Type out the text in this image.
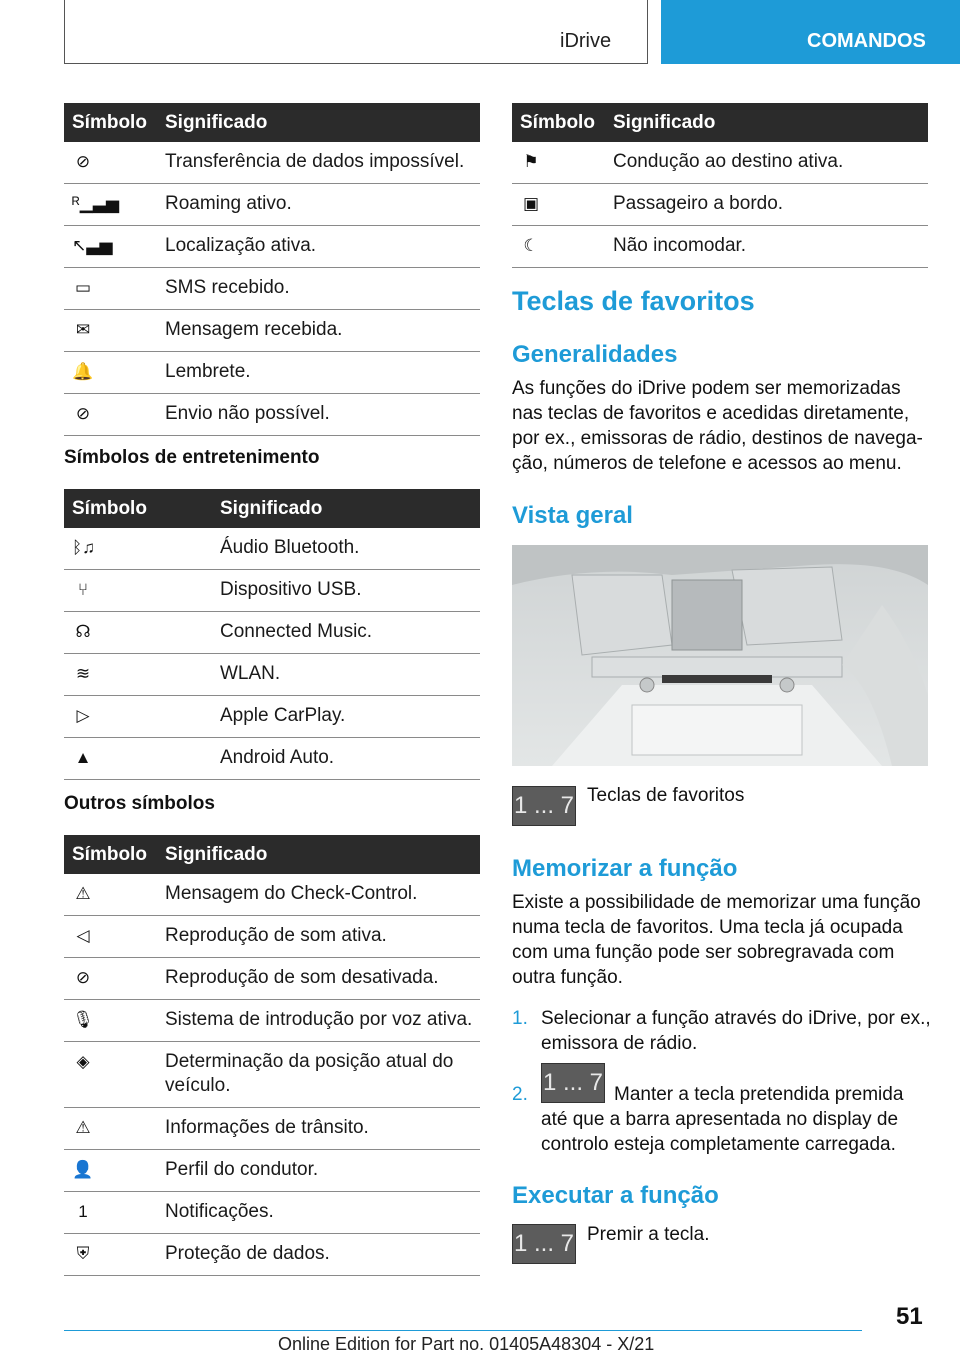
iDrive	COMANDOS
Símbolo	Significado
⊘	Transferência de dados impossível.
ᴿ▁▃▅	Roaming ativo.
↖▃▅	Localização ativa.
▭	SMS recebido.
✉	Mensagem recebida.
🔔	Lembrete.
⊘	Envio não possível.
Símbolos de entretenimento
Símbolo	Significado
ᛒ♫	Áudio Bluetooth.
⑂	Dispositivo USB.
☊	Connected Music.
≋	WLAN.
▷	Apple CarPlay.
▲	Android Auto.
Outros símbolos
Símbolo	Significado
⚠	Mensagem do Check-Control.
◁	Reprodução de som ativa.
⊘	Reprodução de som desativada.
🎙	Sistema de introdução por voz ativa.
◈	Determinação da posição atual do veículo.
⚠	Informações de trânsito.
👤	Perfil do condutor.
1	Notificações.
⛨	Proteção de dados.
Símbolo	Significado
⚑	Condução ao destino ativa.
▣	Passageiro a bordo.
☾	Não incomodar.
Teclas de favoritos
Generalidades
As funções do iDrive podem ser memorizadas
nas teclas de favoritos e acedidas diretamente,
por ex., emissoras de rádio, destinos de navega-
ção, números de telefone e acessos ao menu.
Vista geral
1 ... 7 Teclas de favoritos
Memorizar a função
Existe a possibilidade de memorizar uma função
numa tecla de favoritos. Uma tecla já ocupada
com uma função pode ser sobregravada com
outra função.
1. Selecionar a função através do iDrive, por ex.,
emissora de rádio.
2. 1 ... 7 Manter a tecla pretendida premida
até que a barra apresentada no display de
controlo esteja completamente carregada.
Executar a função
1 ... 7 Premir a tecla.
51
Online Edition for Part no. 01405A48304 - X/21
